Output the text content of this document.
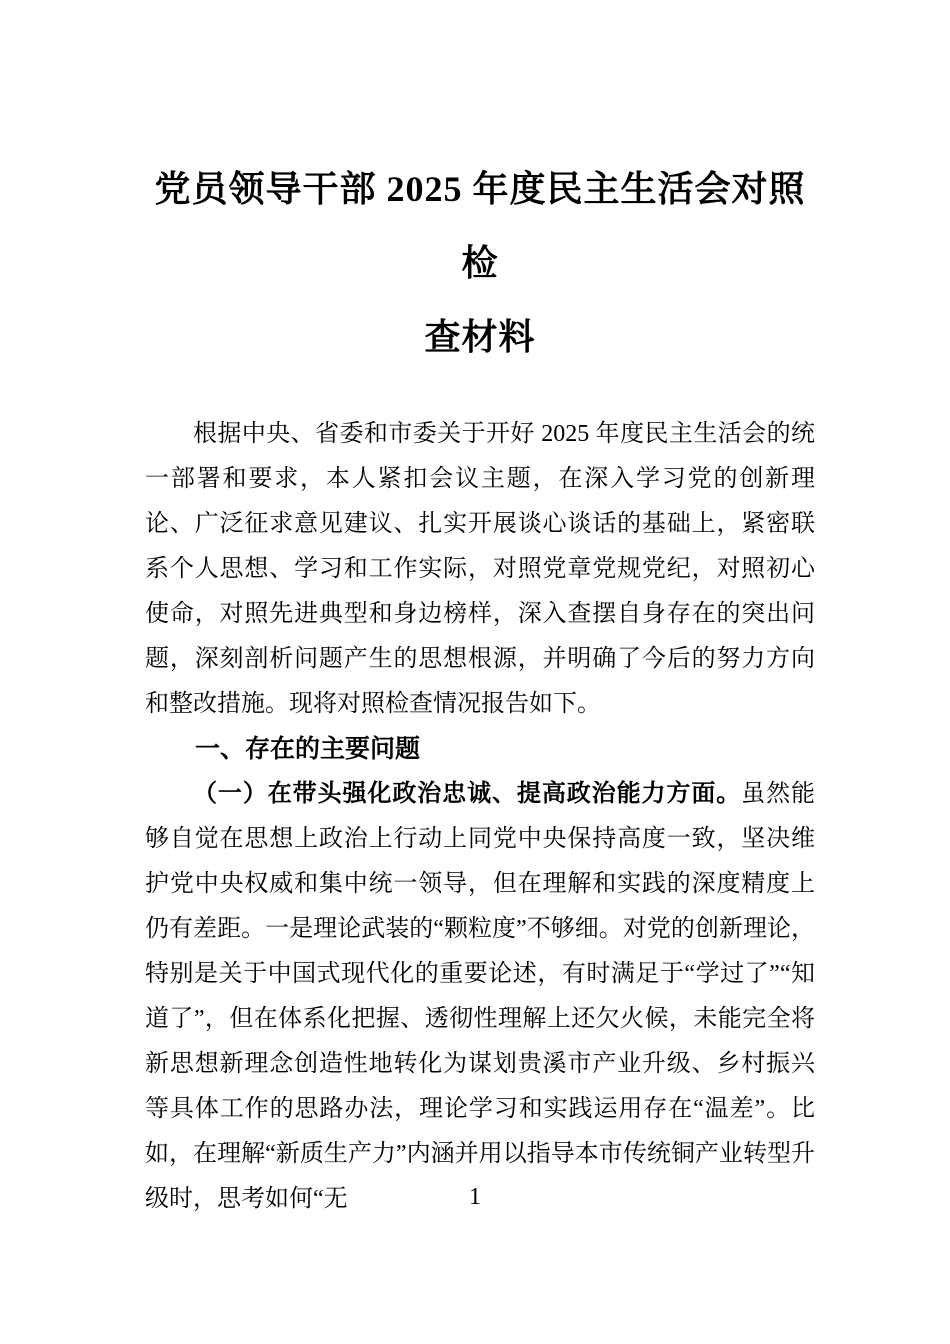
党员领导干部 2025 年度民主生活会对照检
查材料

根据中央、省委和市委关于开好 2025 年度民主生活会的统一部署和要求，本人紧扣会议主题，在深入学习党的创新理论、广泛征求意见建议、扎实开展谈心谈话的基础上，紧密联系个人思想、学习和工作实际，对照党章党规党纪，对照初心使命，对照先进典型和身边榜样，深入查摆自身存在的突出问题，深刻剖析问题产生的思想根源，并明确了今后的努力方向和整改措施。现将对照检查情况报告如下。

一、存在的主要问题

（一）在带头强化政治忠诚、提高政治能力方面。虽然能够自觉在思想上政治上行动上同党中央保持高度一致，坚决维护党中央权威和集中统一领导，但在理解和实践的深度精度上仍有差距。一是理论武装的“颗粒度”不够细。对党的创新理论，特别是关于中国式现代化的重要论述，有时满足于“学过了”“知道了”，但在体系化把握、透彻性理解上还欠火候，未能完全将新思想新理念创造性地转化为谋划贵溪市产业升级、乡村振兴等具体工作的思路办法，理论学习和实践运用存在“温差”。比如，在理解“新质生产力”内涵并用以指导本市传统铜产业转型升级时，思考如何“无	1
